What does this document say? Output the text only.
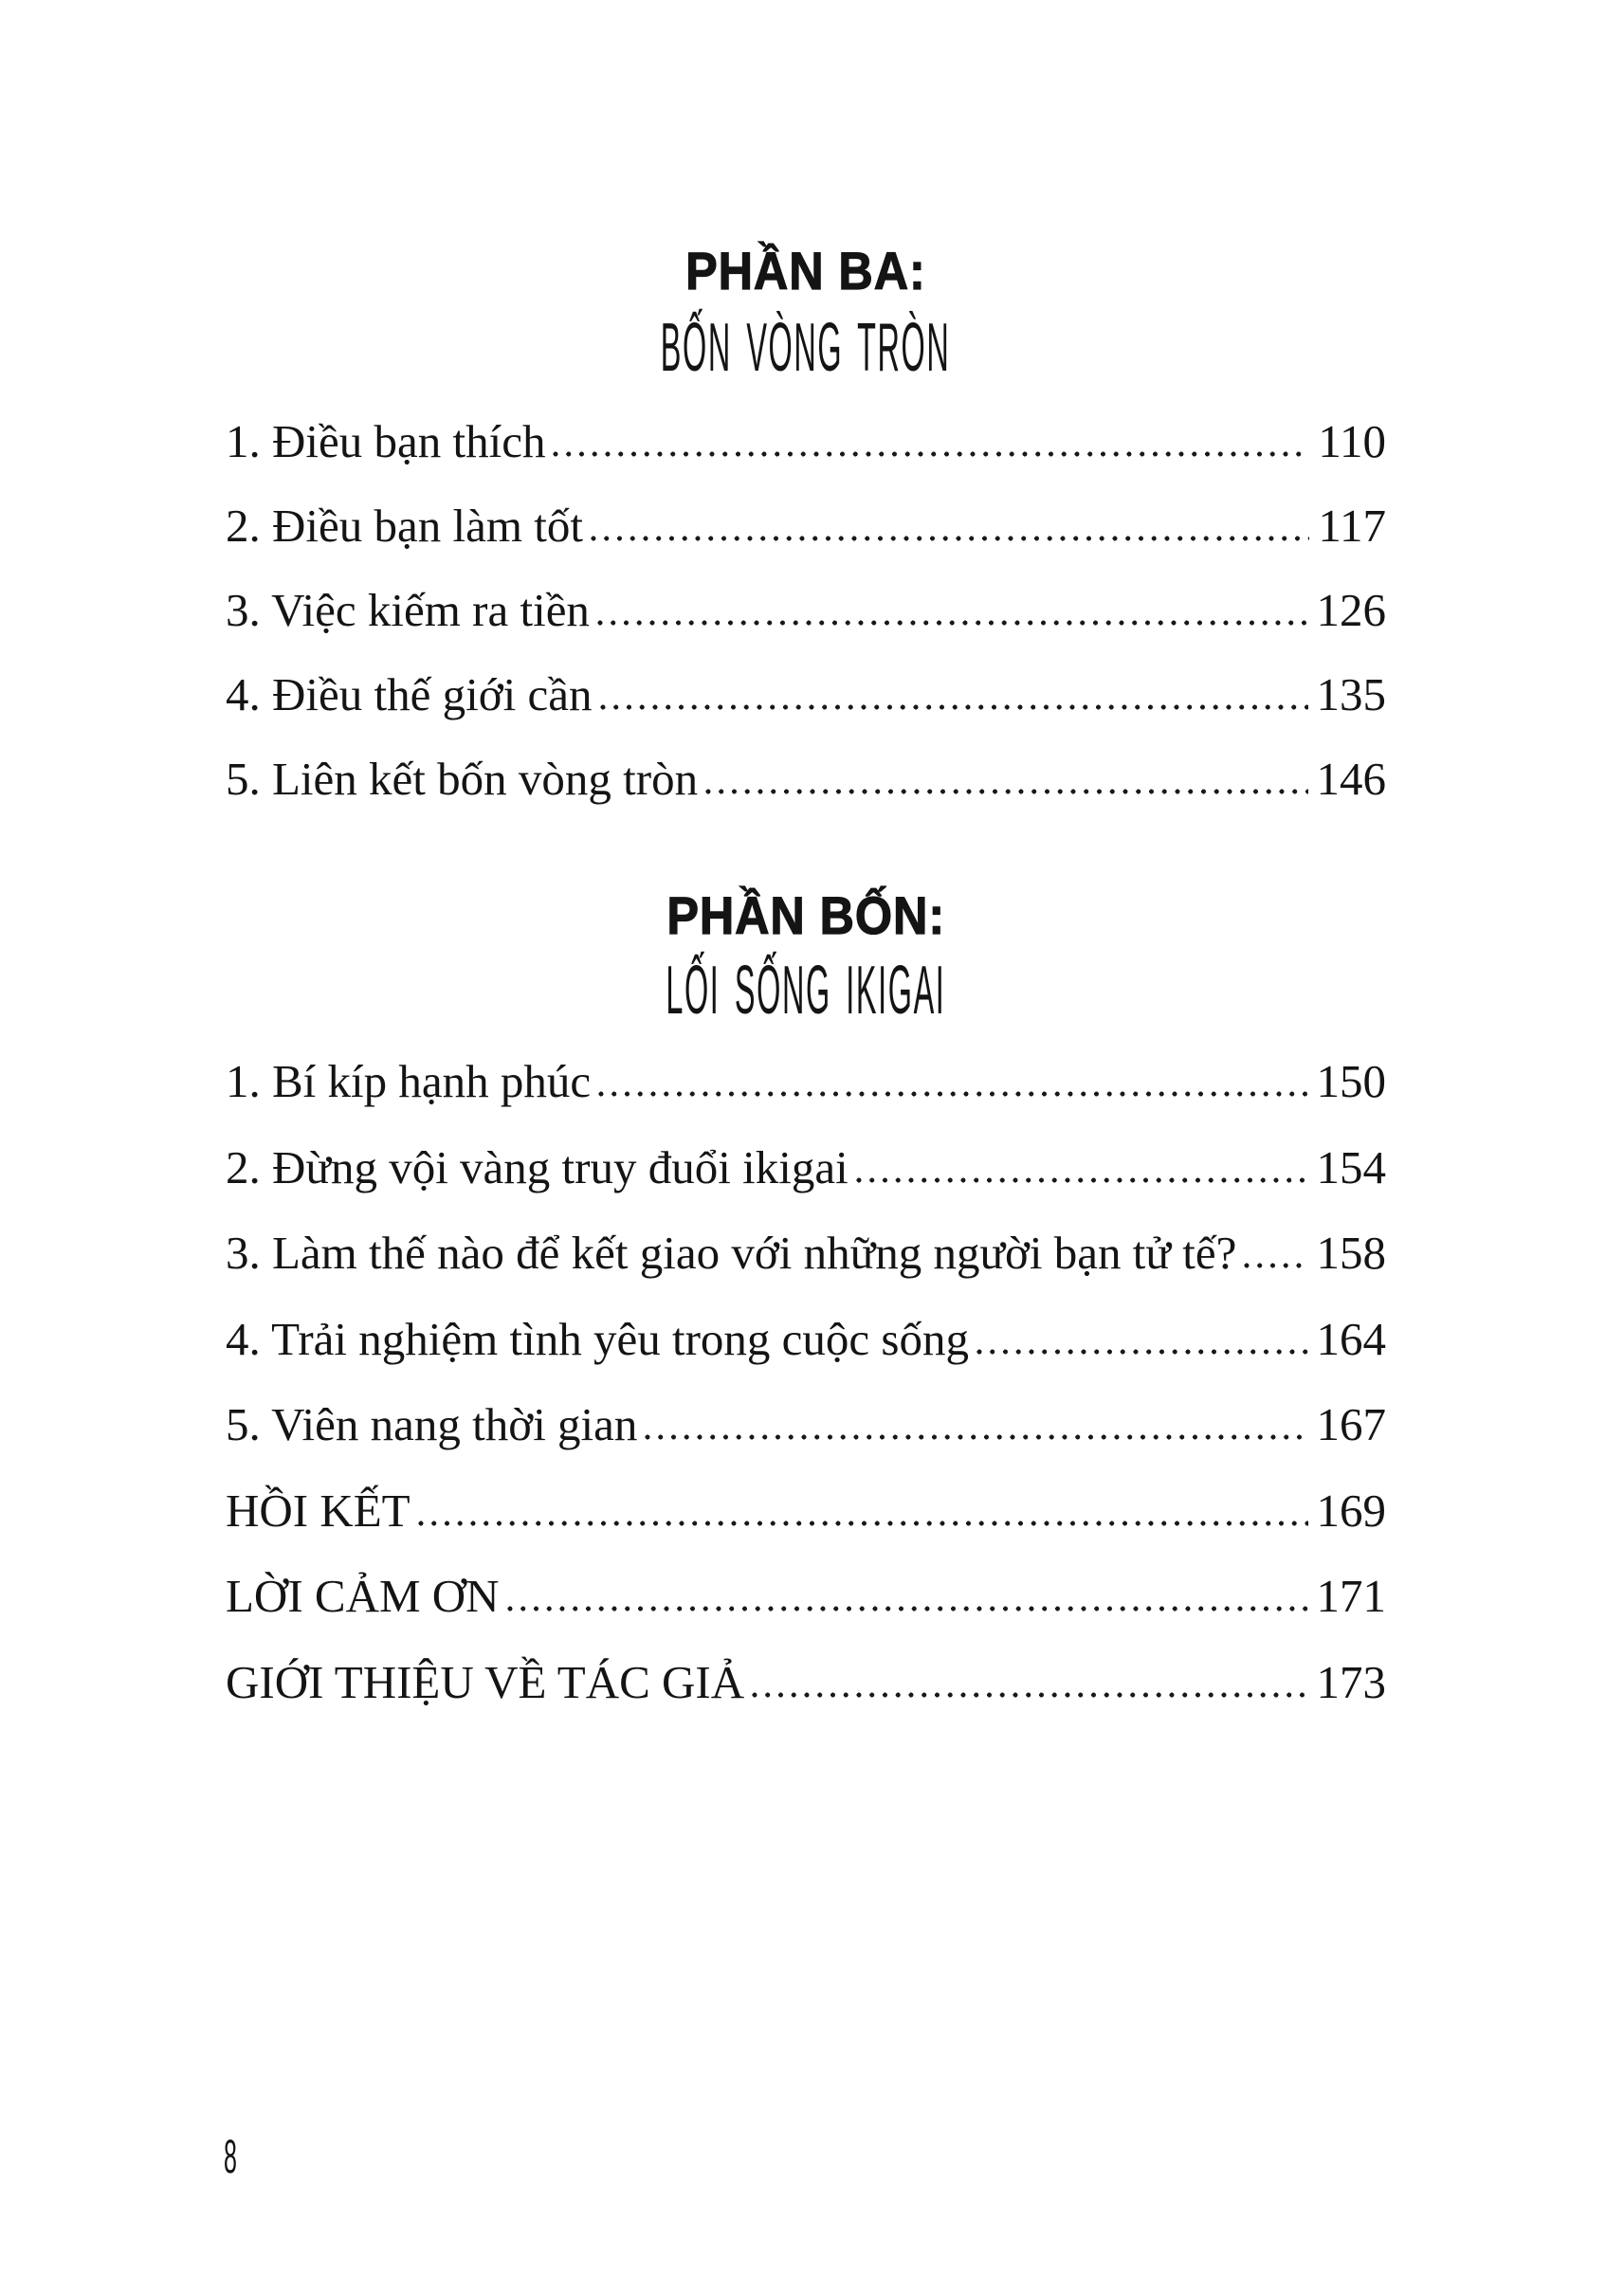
PHẦN BA:
BỐN VÒNG TRÒN
1. Điều bạn thích	110
2. Điều bạn làm tốt	117
3. Việc kiếm ra tiền	126
4. Điều thế giới cần	135
5. Liên kết bốn vòng tròn	146
PHẦN BỐN:
LỐI SỐNG IKIGAI
1. Bí kíp hạnh phúc	150
2. Đừng vội vàng truy đuổi ikigai	154
3. Làm thế nào để kết giao với những người bạn tử tế? 158
4. Trải nghiệm tình yêu trong cuộc sống	164
5. Viên nang thời gian	167
HỒI KẾT	169
LỜI CẢM ƠN	171
GIỚI THIỆU VỀ TÁC GIẢ	173
8
